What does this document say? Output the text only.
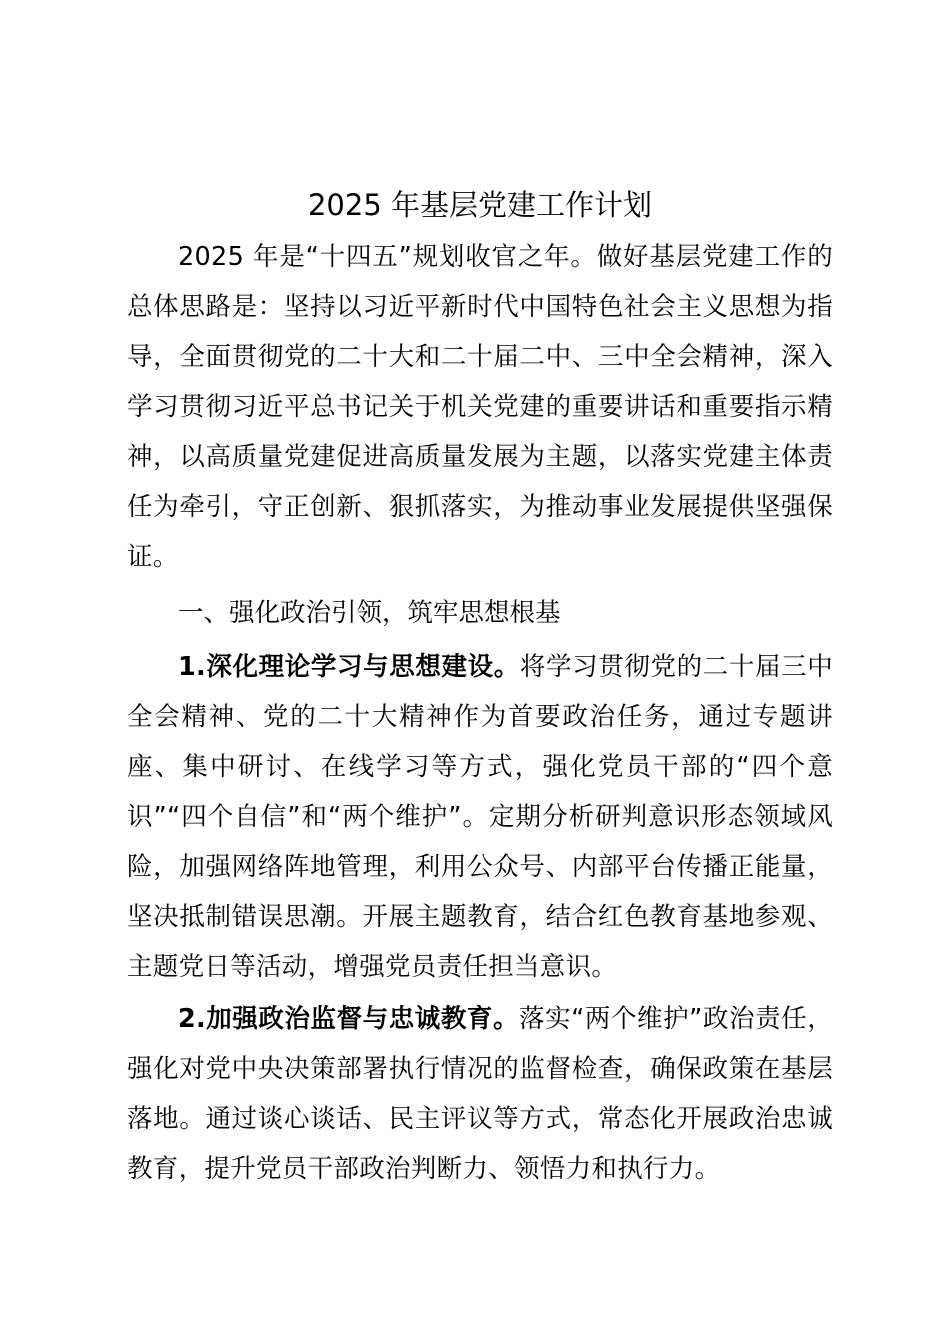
2025 年基层党建工作计划

2025 年是“十四五”规划收官之年。做好基层党建工作的总体思路是：坚持以习近平新时代中国特色社会主义思想为指导，全面贯彻党的二十大和二十届二中、三中全会精神，深入学习贯彻习近平总书记关于机关党建的重要讲话和重要指示精神，以高质量党建促进高质量发展为主题，以落实党建主体责任为牵引，守正创新、狠抓落实，为推动事业发展提供坚强保证。

一、强化政治引领，筑牢思想根基

1.深化理论学习与思想建设。将学习贯彻党的二十届三中全会精神、党的二十大精神作为首要政治任务，通过专题讲座、集中研讨、在线学习等方式，强化党员干部的“四个意识”“四个自信”和“两个维护”。定期分析研判意识形态领域风险，加强网络阵地管理，利用公众号、内部平台传播正能量，坚决抵制错误思潮。开展主题教育，结合红色教育基地参观、主题党日等活动，增强党员责任担当意识。

2.加强政治监督与忠诚教育。落实“两个维护”政治责任，强化对党中央决策部署执行情况的监督检查，确保政策在基层落地。通过谈心谈话、民主评议等方式，常态化开展政治忠诚教育，提升党员干部政治判断力、领悟力和执行力。
